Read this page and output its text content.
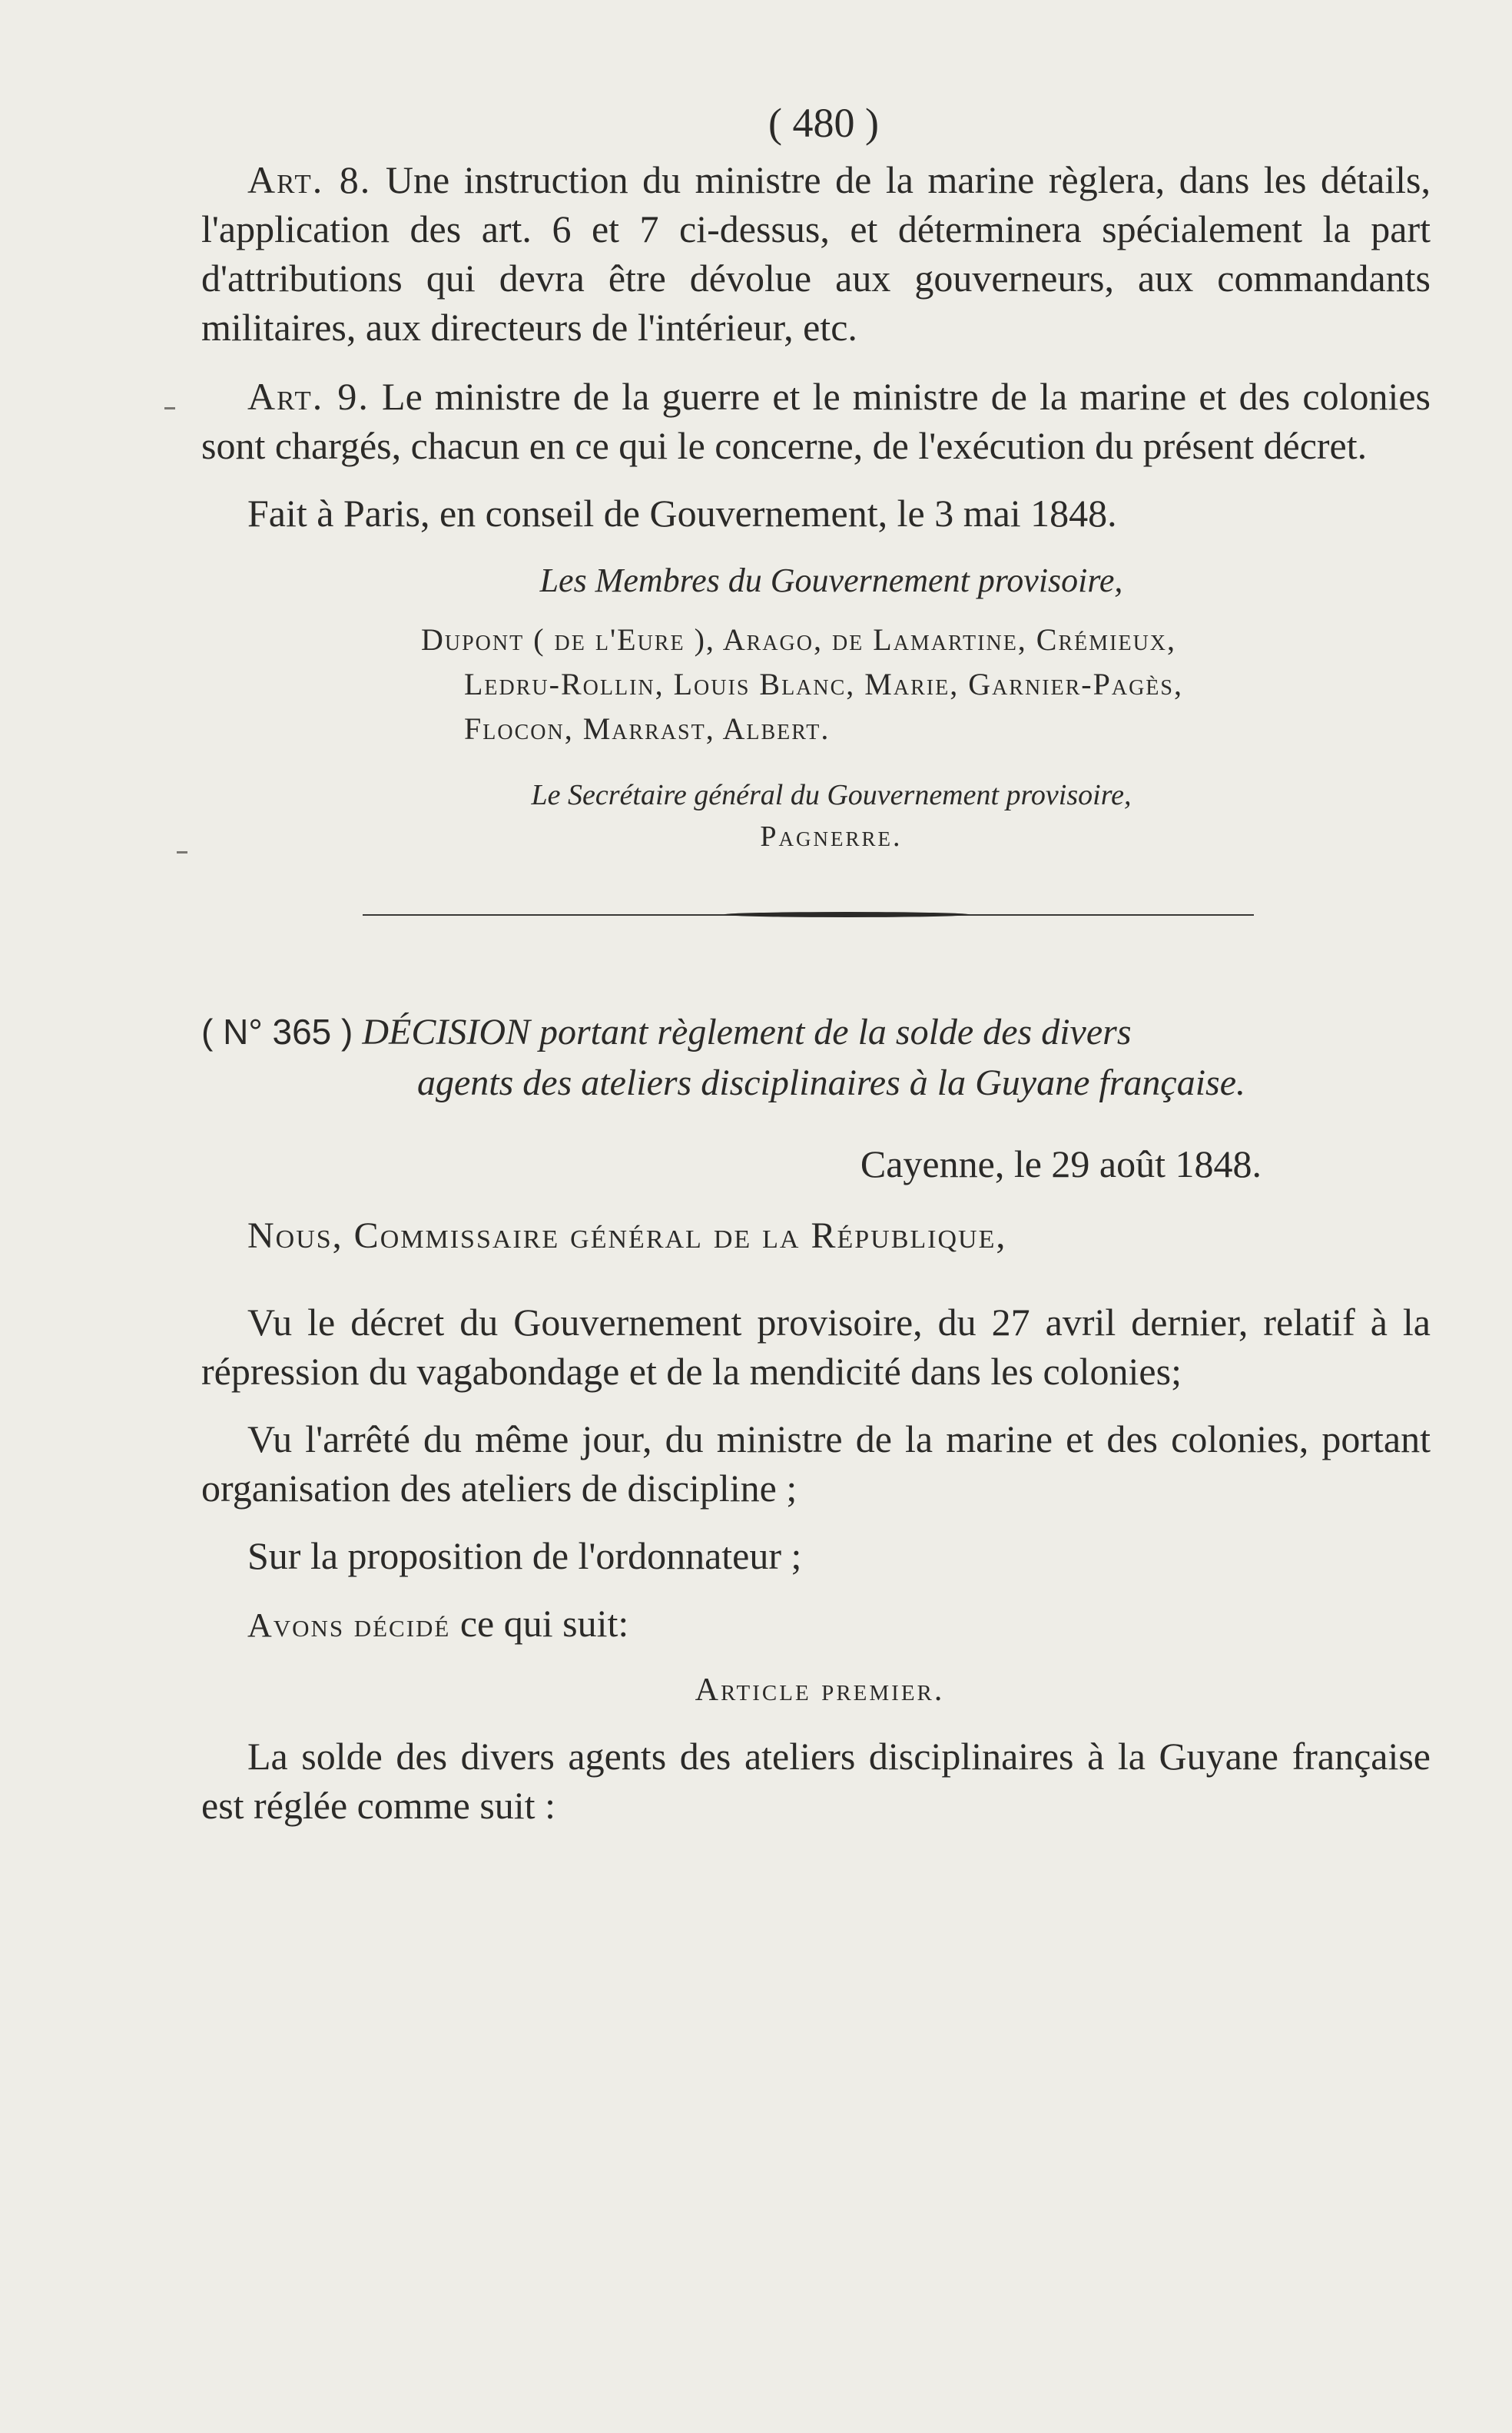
( 480 )

Art. 8. Une instruction du ministre de la marine règlera, dans les détails, l'application des art. 6 et 7 ci-dessus, et déterminera spécialement la part d'attributions qui devra être dévolue aux gouverneurs, aux commandants militaires, aux directeurs de l'intérieur, etc.

Art. 9. Le ministre de la guerre et le ministre de la marine et des colonies sont chargés, chacun en ce qui le concerne, de l'exécution du présent décret.

Fait à Paris, en conseil de Gouvernement, le 3 mai 1848.

Les Membres du Gouvernement provisoire,

Dupont ( de l'Eure ), Arago, de Lamartine, Crémieux,
Ledru-Rollin, Louis Blanc, Marie, Garnier-Pagès,
Flocon, Marrast, Albert.
Le Secrétaire général du Gouvernement provisoire,
Pagnerre.
( N° 365 ) DÉCISION portant règlement de la solde des divers
agents des ateliers disciplinaires à la Guyane française.
Cayenne, le 29 août 1848.

Nous, Commissaire général de la République,

Vu le décret du Gouvernement provisoire, du 27 avril dernier, relatif à la répression du vagabondage et de la mendicité dans les colonies;

Vu l'arrêté du même jour, du ministre de la marine et des colonies, portant organisation des ateliers de discipline ;

Sur la proposition de l'ordonnateur ;

Avons décidé ce qui suit:

Article premier.

La solde des divers agents des ateliers disciplinaires à la Guyane française est réglée comme suit :
